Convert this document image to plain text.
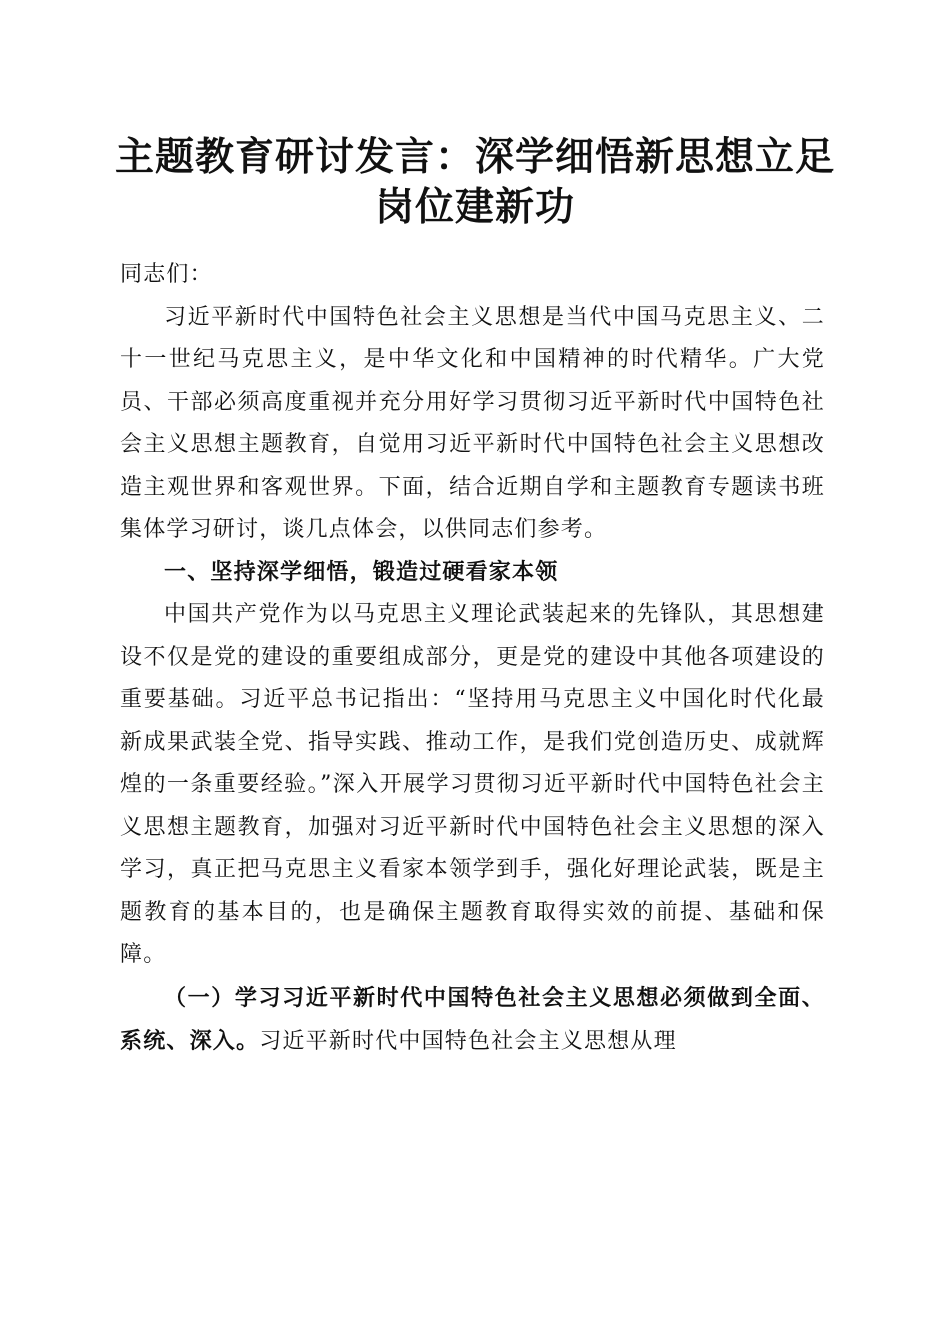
主题教育研讨发言：深学细悟新思想立足岗位建新功

同志们：

习近平新时代中国特色社会主义思想是当代中国马克思主义、二十一世纪马克思主义，是中华文化和中国精神的时代精华。广大党员、干部必须高度重视并充分用好学习贯彻习近平新时代中国特色社会主义思想主题教育，自觉用习近平新时代中国特色社会主义思想改造主观世界和客观世界。下面，结合近期自学和主题教育专题读书班集体学习研讨，谈几点体会，以供同志们参考。

一、坚持深学细悟，锻造过硬看家本领

中国共产党作为以马克思主义理论武装起来的先锋队，其思想建设不仅是党的建设的重要组成部分，更是党的建设中其他各项建设的重要基础。习近平总书记指出：“坚持用马克思主义中国化时代化最新成果武装全党、指导实践、推动工作，是我们党创造历史、成就辉煌的一条重要经验。”深入开展学习贯彻习近平新时代中国特色社会主义思想主题教育，加强对习近平新时代中国特色社会主义思想的深入学习，真正把马克思主义看家本领学到手，强化好理论武装，既是主题教育的基本目的，也是确保主题教育取得实效的前提、基础和保障。

（一）学习习近平新时代中国特色社会主义思想必须做到全面、系统、深入。习近平新时代中国特色社会主义思想从理
